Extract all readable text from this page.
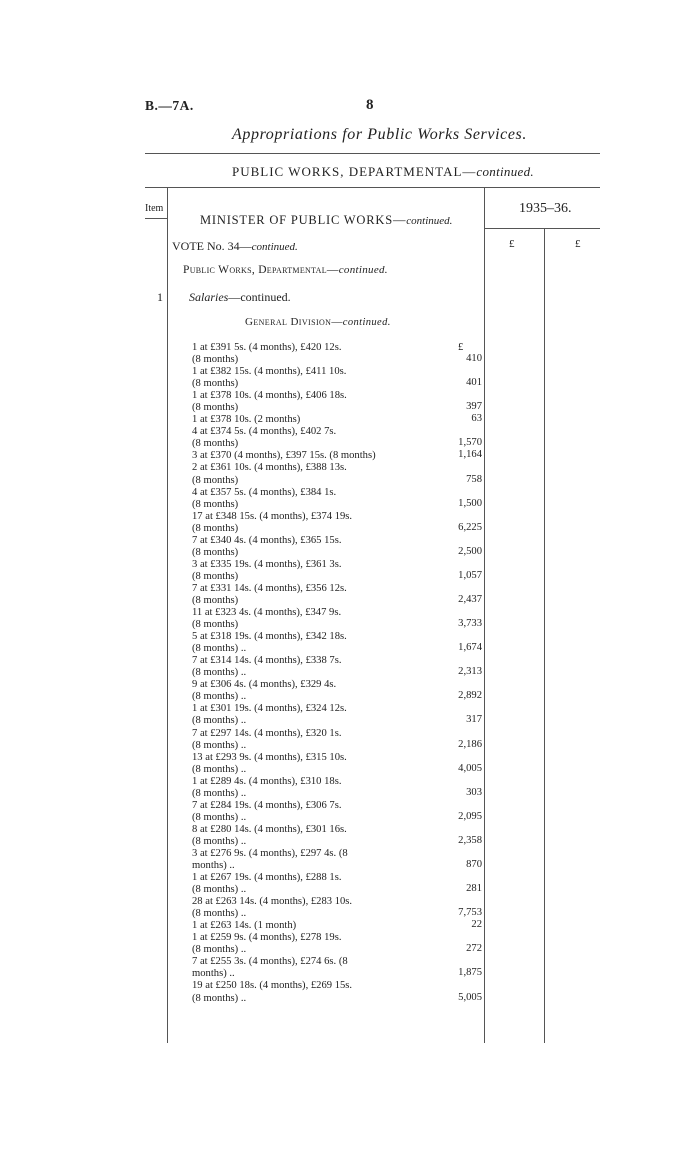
B.—7A.	8
Appropriations for Public Works Services.
PUBLIC WORKS, DEPARTMENTAL—continued.
Item	1935–36.
£	£
MINISTER OF PUBLIC WORKS—continued.
VOTE No. 34—continued.
Public Works, Departmental—continued.
1 Salaries—continued.
General Division—continued.
£
1 at £391 5s. (4 months), £420 12s.
(8 months)	410
1 at £382 15s. (4 months), £411 10s.
(8 months)	401
1 at £378 10s. (4 months), £406 18s.
(8 months)	397
1 at £378 10s. (2 months)	63
4 at £374 5s. (4 months), £402 7s.
(8 months)	1,570
3 at £370 (4 months), £397 15s. (8 months)	1,164
2 at £361 10s. (4 months), £388 13s.
(8 months)	758
4 at £357 5s. (4 months), £384 1s.
(8 months)	1,500
17 at £348 15s. (4 months), £374 19s.
(8 months)	6,225
7 at £340 4s. (4 months), £365 15s.
(8 months)	2,500
3 at £335 19s. (4 months), £361 3s.
(8 months)	1,057
7 at £331 14s. (4 months), £356 12s.
(8 months)	2,437
11 at £323 4s. (4 months), £347 9s.
(8 months)	3,733
5 at £318 19s. (4 months), £342 18s.
(8 months) ..	1,674
7 at £314 14s. (4 months), £338 7s.
(8 months) ..	2,313
9 at £306 4s. (4 months), £329 4s.
(8 months) ..	2,892
1 at £301 19s. (4 months), £324 12s.
(8 months) ..	317
7 at £297 14s. (4 months), £320 1s.
(8 months) ..	2,186
13 at £293 9s. (4 months), £315 10s.
(8 months) ..	4,005
1 at £289 4s. (4 months), £310 18s.
(8 months) ..	303
7 at £284 19s. (4 months), £306 7s.
(8 months) ..	2,095
8 at £280 14s. (4 months), £301 16s.
(8 months) ..	2,358
3 at £276 9s. (4 months), £297 4s. (8
months) ..	870
1 at £267 19s. (4 months), £288 1s.
(8 months) ..	281
28 at £263 14s. (4 months), £283 10s.
(8 months) ..	7,753
1 at £263 14s. (1 month)	22
1 at £259 9s. (4 months), £278 19s.
(8 months) ..	272
7 at £255 3s. (4 months), £274 6s. (8
months) ..	1,875
19 at £250 18s. (4 months), £269 15s.
(8 months) ..	5,005
